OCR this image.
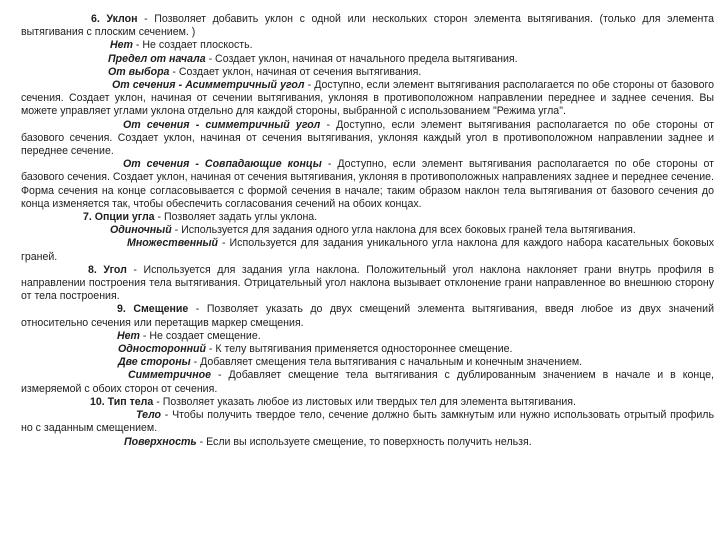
6. Уклон - Позволяет добавить уклон с одной или нескольких сторон элемента вытягивания. (только для элемента вытягивания с плоским сечением. )

Нет - Не создает плоскость.

Предел от начала - Создает уклон, начиная от начального предела вытягивания.

От выбора - Создает уклон, начиная от сечения вытягивания.

От сечения - Асимметричный угол - Доступно, если элемент вытягивания располагается по обе стороны от базового сечения. Создает уклон, начиная от сечении вытягивания, уклоняя в противоположном направлении переднее и заднее сечения. Вы можете управляет углами уклона отдельно для каждой стороны, выбранной с использованием "Режима угла".

От сечения - симметричный угол - Доступно, если элемент вытягивания располагается по обе стороны от базового сечения. Создает уклон, начиная от сечения вытягивания, уклоняя каждый угол в противоположном направлении заднее и переднее сечение.

От сечения - Совпадающие концы - Доступно, если элемент вытягивания располагается по обе стороны от базового сечения. Создает уклон, начиная от сечения вытягивания, уклоняя в противоположных направлениях заднее и переднее сечение. Форма сечения на конце согласовывается с формой сечения в начале; таким образом наклон тела вытягивания от базового сечения до конца изменяется так, чтобы обеспечить согласования сечений на обоих концах.

7. Опции угла - Позволяет задать углы уклона.

Одиночный - Используется для задания одного угла наклона для всех боковых граней тела вытягивания.

Множественный - Используется для задания уникального угла наклона для каждого набора касательных боковых граней.

8. Угол - Используется для задания угла наклона. Положительный угол наклона наклоняет грани внутрь профиля в направлении построения тела вытягивания. Отрицательный угол наклона вызывает отклонение грани направленное во внешнюю сторону от тела построения.

9. Смещение - Позволяет указать до двух смещений элемента вытягивания, введя любое из двух значений относительно сечения или перетащив маркер смещения.

Нет - Не создает смещение.

Односторонний - К телу вытягивания применяется одностороннее смещение.

Две стороны - Добавляет смещения тела вытягивания с начальным и конечным значением.

Симметричное - Добавляет смещение тела вытягивания с дублированным значением в начале и в конце, измеряемой с обоих сторон от сечения.

10. Тип тела - Позволяет указать любое из листовых или твердых тел для элемента вытягивания.

Тело - Чтобы получить твердое тело, сечение должно быть замкнутым или нужно использовать отрытый профиль но с заданным смещением.

Поверхность - Если вы используете смещение, то поверхность получить нельзя.
